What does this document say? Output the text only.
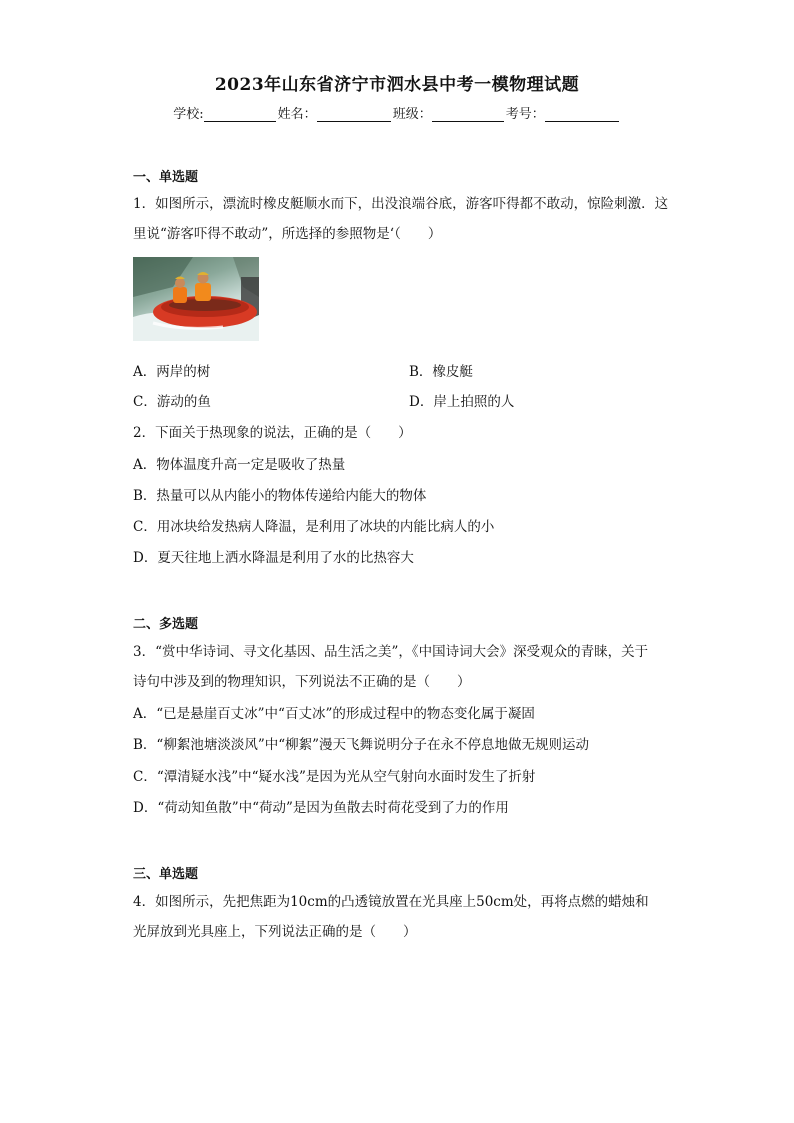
2023年山东省济宁市泗水县中考一模物理试题
学校:	姓名：	班级：	考号：
一、单选题
1．如图所示，漂流时橡皮艇顺水而下，出没浪端谷底，游客吓得都不敢动，惊险刺激．这
里说“游客吓得不敢动”，所选择的参照物是‘（　　）
A．两岸的树	B．橡皮艇
C．游动的鱼	D．岸上拍照的人
2．下面关于热现象的说法，正确的是（　　）
A．物体温度升高一定是吸收了热量
B．热量可以从内能小的物体传递给内能大的物体
C．用冰块给发热病人降温，是利用了冰块的内能比病人的小
D．夏天往地上洒水降温是利用了水的比热容大
二、多选题
3．“赏中华诗词、寻文化基因、品生活之美”，《中国诗词大会》深受观众的青睐，关于
诗句中涉及到的物理知识，下列说法不正确的是（　　）
A．“已是悬崖百丈冰”中“百丈冰”的形成过程中的物态变化属于凝固
B．“柳絮池塘淡淡风”中“柳絮”漫天飞舞说明分子在永不停息地做无规则运动
C．“潭清疑水浅”中“疑水浅”是因为光从空气射向水面时发生了折射
D．“荷动知鱼散”中“荷动”是因为鱼散去时荷花受到了力的作用
三、单选题
4．如图所示，先把焦距为10cm的凸透镜放置在光具座上50cm处，再将点燃的蜡烛和
光屏放到光具座上，下列说法正确的是（　　）
